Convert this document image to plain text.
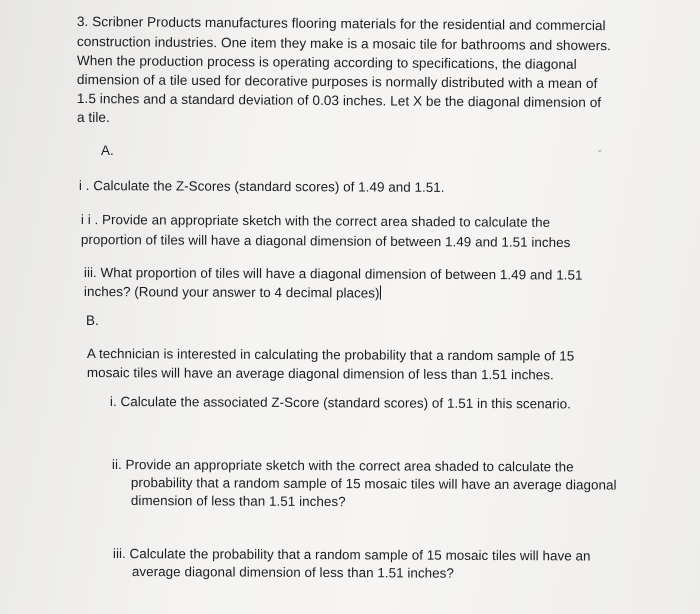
3. Scribner Products manufactures flooring materials for the residential and commercial
construction industries. One item they make is a mosaic tile for bathrooms and showers.
When the production process is operating according to specifications, the diagonal
dimension of a tile used for decorative purposes is normally distributed with a mean of
1.5 inches and a standard deviation of 0.03 inches. Let X be the diagonal dimension of
a tile.
A.	⌄
i . Calculate the Z-Scores (standard scores) of 1.49 and 1.51.
i i . Provide an appropriate sketch with the correct area shaded to calculate the
proportion of tiles will have a diagonal dimension of between 1.49 and 1.51 inches
iii. What proportion of tiles will have a diagonal dimension of between 1.49 and 1.51
inches? (Round your answer to 4 decimal places)
B.
A technician is interested in calculating the probability that a random sample of 15
mosaic tiles will have an average diagonal dimension of less than 1.51 inches.
i. Calculate the associated Z-Score (standard scores) of 1.51 in this scenario.
ii. Provide an appropriate sketch with the correct area shaded to calculate the
probability that a random sample of 15 mosaic tiles will have an average diagonal
dimension of less than 1.51 inches?
iii. Calculate the probability that a random sample of 15 mosaic tiles will have an
average diagonal dimension of less than 1.51 inches?
